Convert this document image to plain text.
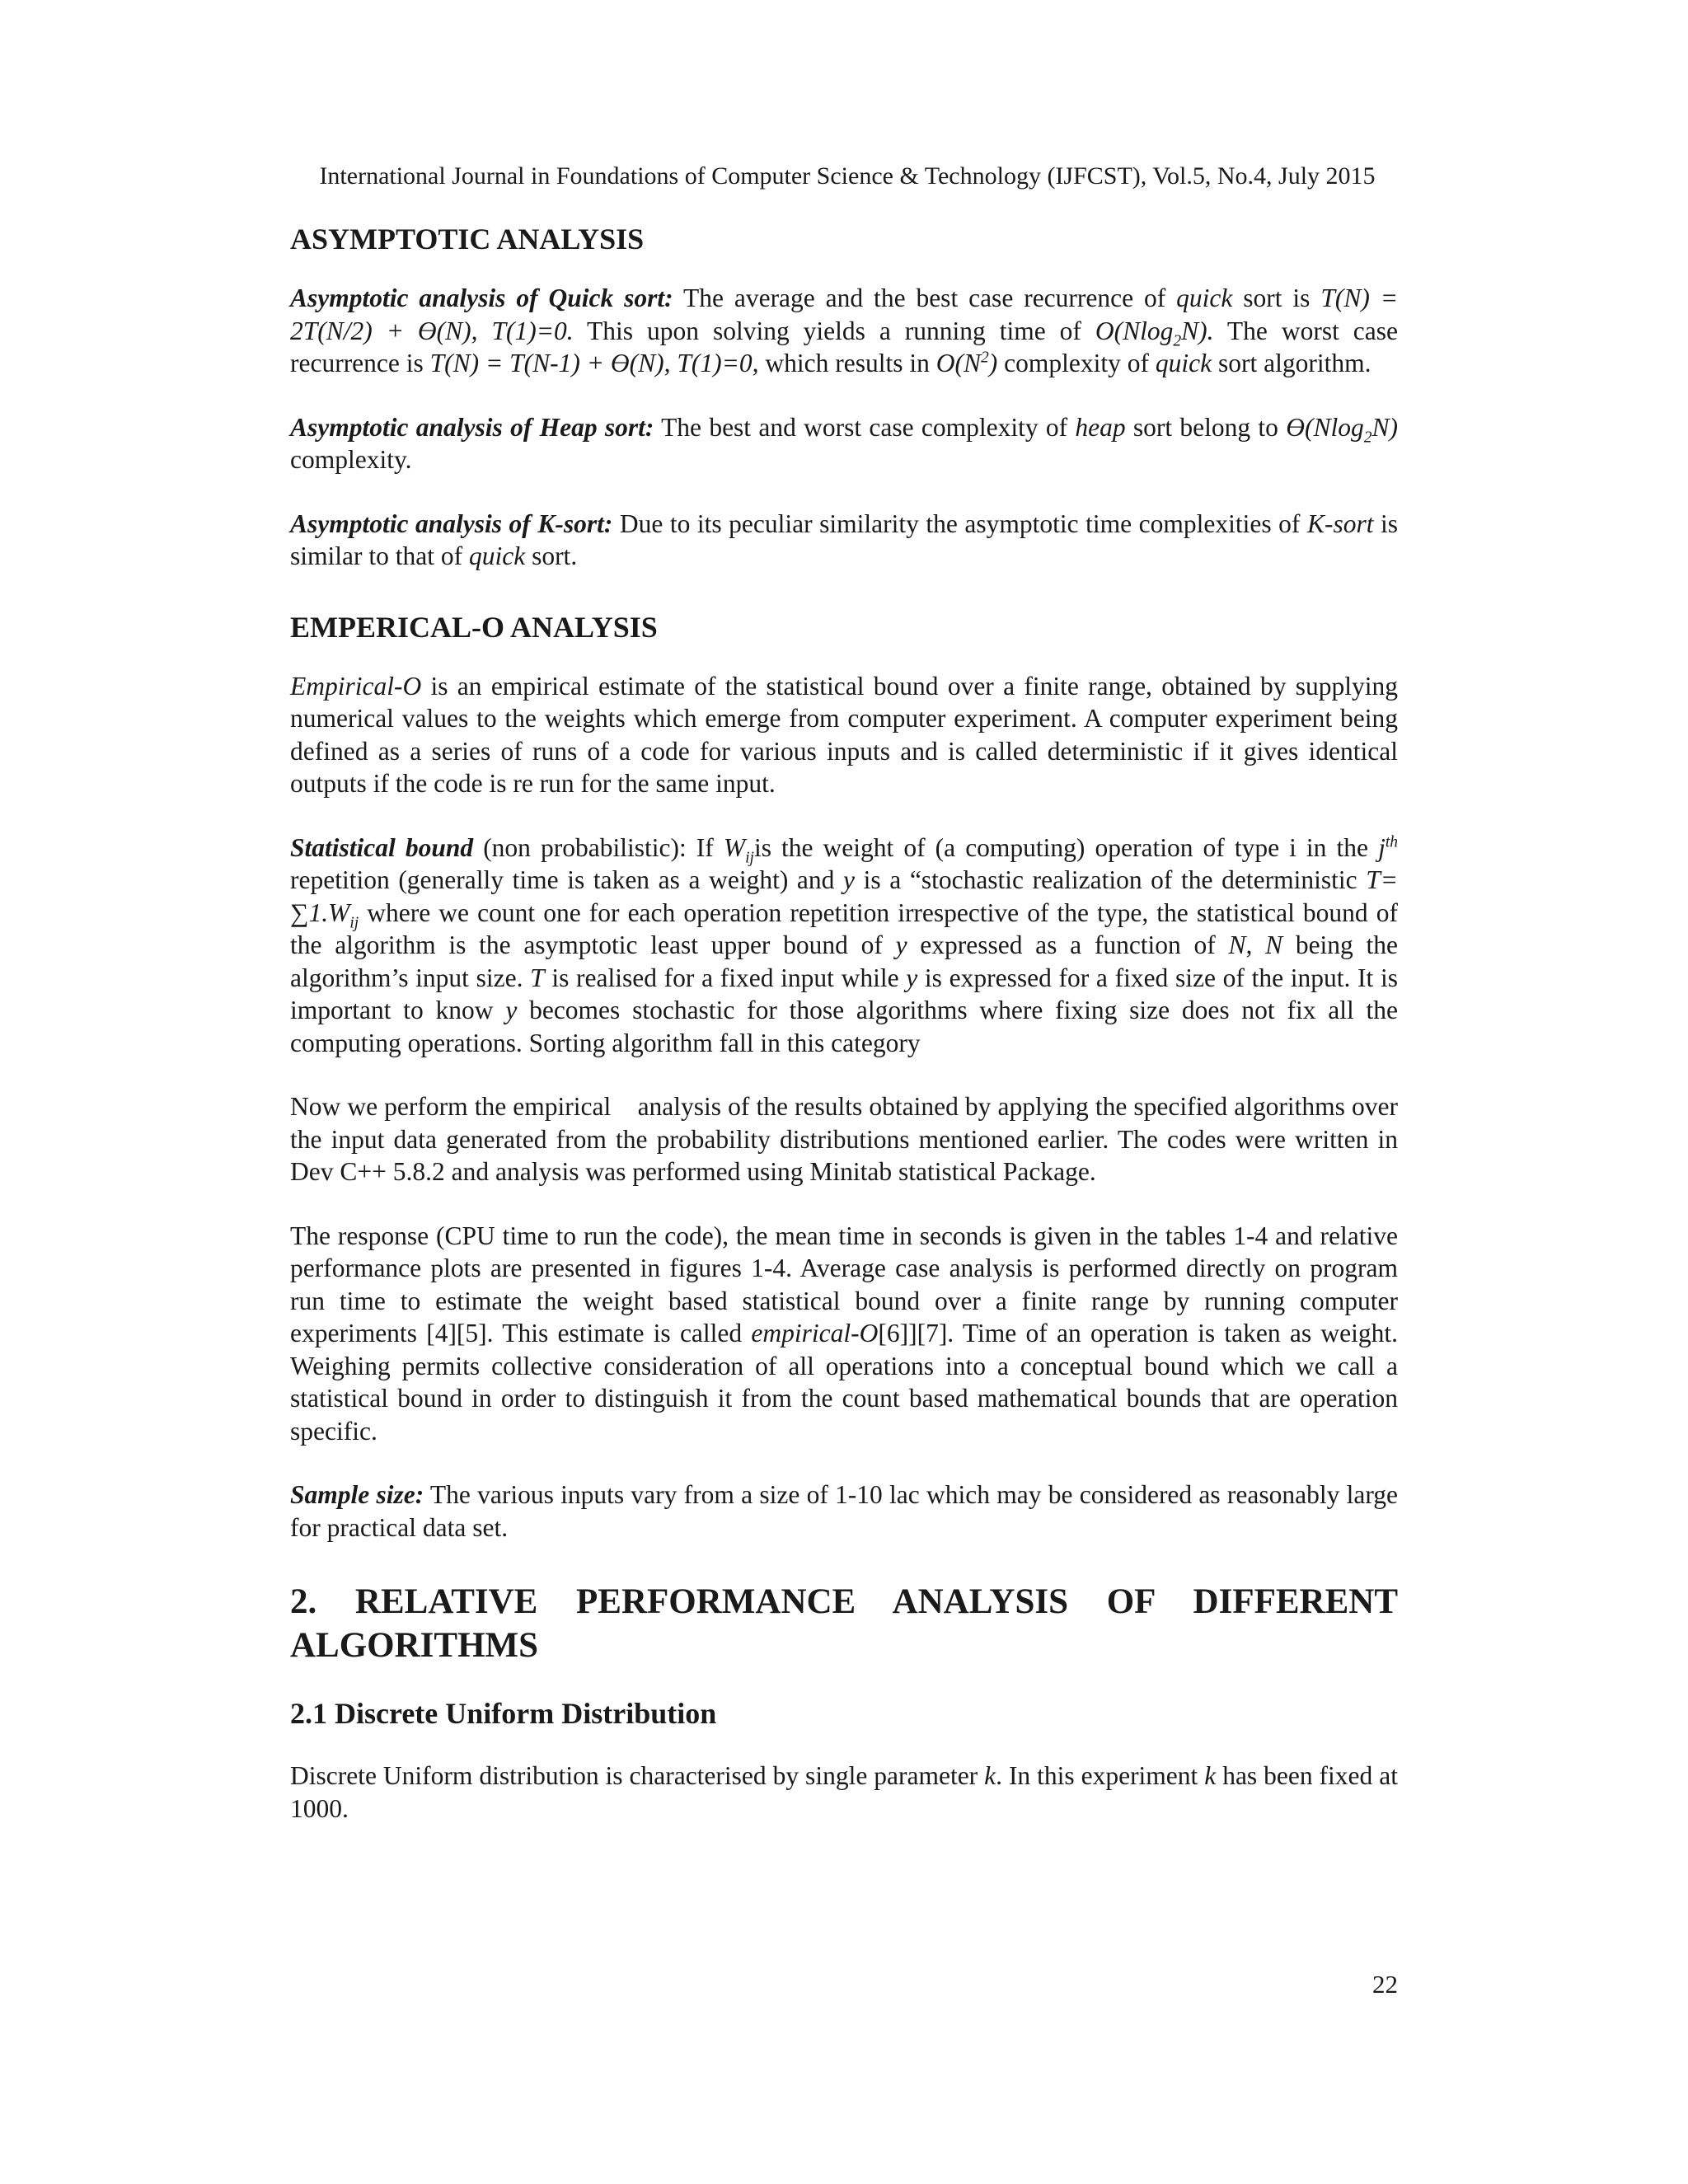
International Journal in Foundations of Computer Science & Technology (IJFCST), Vol.5, No.4, July 2015
ASYMPTOTIC ANALYSIS

Asymptotic analysis of Quick sort: The average and the best case recurrence of quick sort is T(N) = 2T(N/2) + Ɵ(N), T(1)=0. This upon solving yields a running time of O(Nlog$_2$N). The worst case recurrence is T(N) = T(N-1) + Ɵ(N), T(1)=0, which results in $O(N^2)$ complexity of quick sort algorithm.

Asymptotic analysis of Heap sort: The best and worst case complexity of heap sort belong to Ɵ(Nlog$_2$N) complexity.

Asymptotic analysis of K-sort: Due to its peculiar similarity the asymptotic time complexities of K-sort is similar to that of quick sort.

EMPERICAL-O ANALYSIS

Empirical-O is an empirical estimate of the statistical bound over a finite range, obtained by supplying numerical values to the weights which emerge from computer experiment. A computer experiment being defined as a series of runs of a code for various inputs and is called deterministic if it gives identical outputs if the code is re run for the same input.

Statistical bound (non probabilistic): If $W_{ij}is$ the weight of (a computing) operation of type i in the $j^{th}$ repetition (generally time is taken as a weight) and y is a “stochastic realization of the deterministic $T= \sum 1.W_{ij}$ where we count one for each operation repetition irrespective of the type, the statistical bound of the algorithm is the asymptotic least upper bound of y expressed as a function of N, N being the algorithm’s input size. T is realised for a fixed input while y is expressed for a fixed size of the input. It is important to know y becomes stochastic for those algorithms where fixing size does not fix all the computing operations. Sorting algorithm fall in this category

Now we perform the empirical    analysis of the results obtained by applying the specified algorithms over the input data generated from the probability distributions mentioned earlier. The codes were written in Dev C++ 5.8.2 and analysis was performed using Minitab statistical Package.

The response (CPU time to run the code), the mean time in seconds is given in the tables 1-4 and relative performance plots are presented in figures 1-4. Average case analysis is performed directly on program run time to estimate the weight based statistical bound over a finite range by running computer experiments [4][5]. This estimate is called empirical-O[6]][7]. Time of an operation is taken as weight. Weighing permits collective consideration of all operations into a conceptual bound which we call a statistical bound in order to distinguish it from the count based mathematical bounds that are operation specific.

Sample size: The various inputs vary from a size of 1-10 lac which may be considered as reasonably large for practical data set.

2. RELATIVE PERFORMANCE ANALYSIS OF DIFFERENT
ALGORITHMS
2.1 Discrete Uniform Distribution

Discrete Uniform distribution is characterised by single parameter k. In this experiment k has been fixed at 1000.

22
